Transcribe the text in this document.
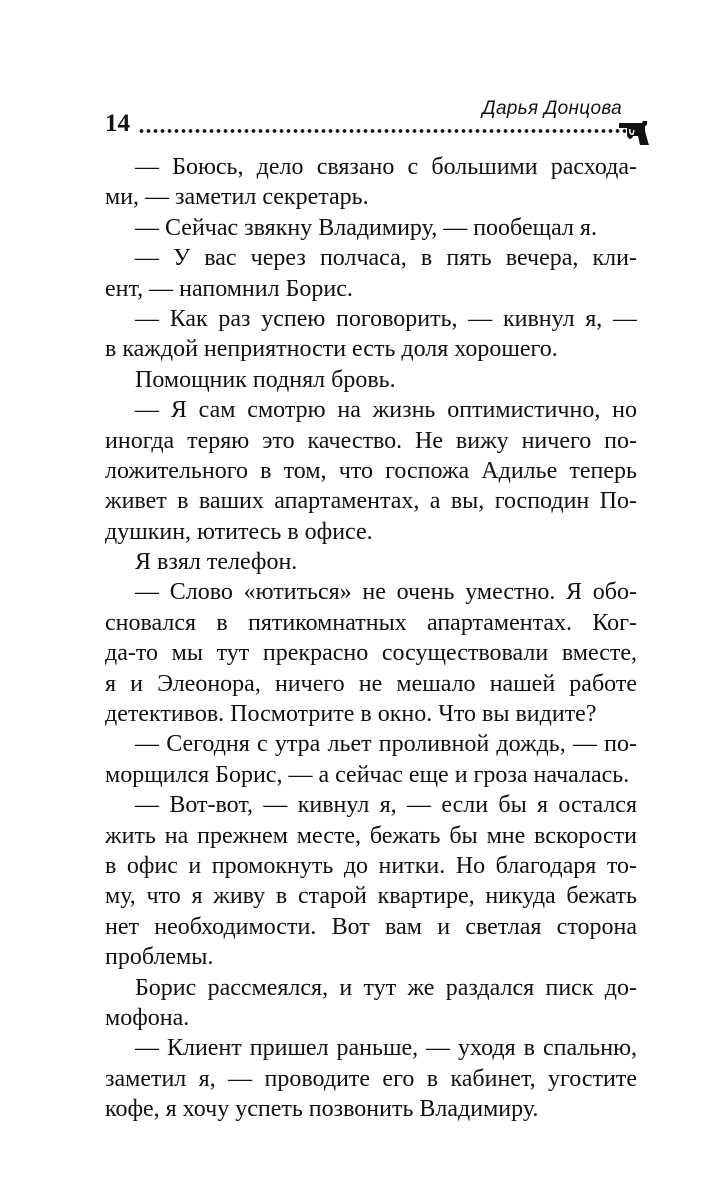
14
Дарья Донцова
— Боюсь, дело связано с большими расхода-
ми, — заметил секретарь.
— Сейчас звякну Владимиру, — пообещал я.
— У вас через полчаса, в пять вечера, кли-
ент, — напомнил Борис.
— Как раз успею поговорить, — кивнул я, —
в каждой неприятности есть доля хорошего.
Помощник поднял бровь.
— Я сам смотрю на жизнь оптимистично, но
иногда теряю это качество. Не вижу ничего по-
ложительного в том, что госпожа Адилье теперь
живет в ваших апартаментах, а вы, господин По-
душкин, ютитесь в офисе.
Я взял телефон.
— Слово «ютиться» не очень уместно. Я обо-
сновался в пятикомнатных апартаментах. Ког-
да-то мы тут прекрасно сосуществовали вместе,
я и Элеонора, ничего не мешало нашей работе
детективов. Посмотрите в окно. Что вы видите?
— Сегодня с утра льет проливной дождь, — по-
морщился Борис, — а сейчас еще и гроза началась.
— Вот-вот, — кивнул я, — если бы я остался
жить на прежнем месте, бежать бы мне вскорости
в офис и промокнуть до нитки. Но благодаря то-
му, что я живу в старой квартире, никуда бежать
нет необходимости. Вот вам и светлая сторона
проблемы.
Борис рассмеялся, и тут же раздался писк до-
мофона.
— Клиент пришел раньше, — уходя в спальню,
заметил я, — проводите его в кабинет, угостите
кофе, я хочу успеть позвонить Владимиру.
